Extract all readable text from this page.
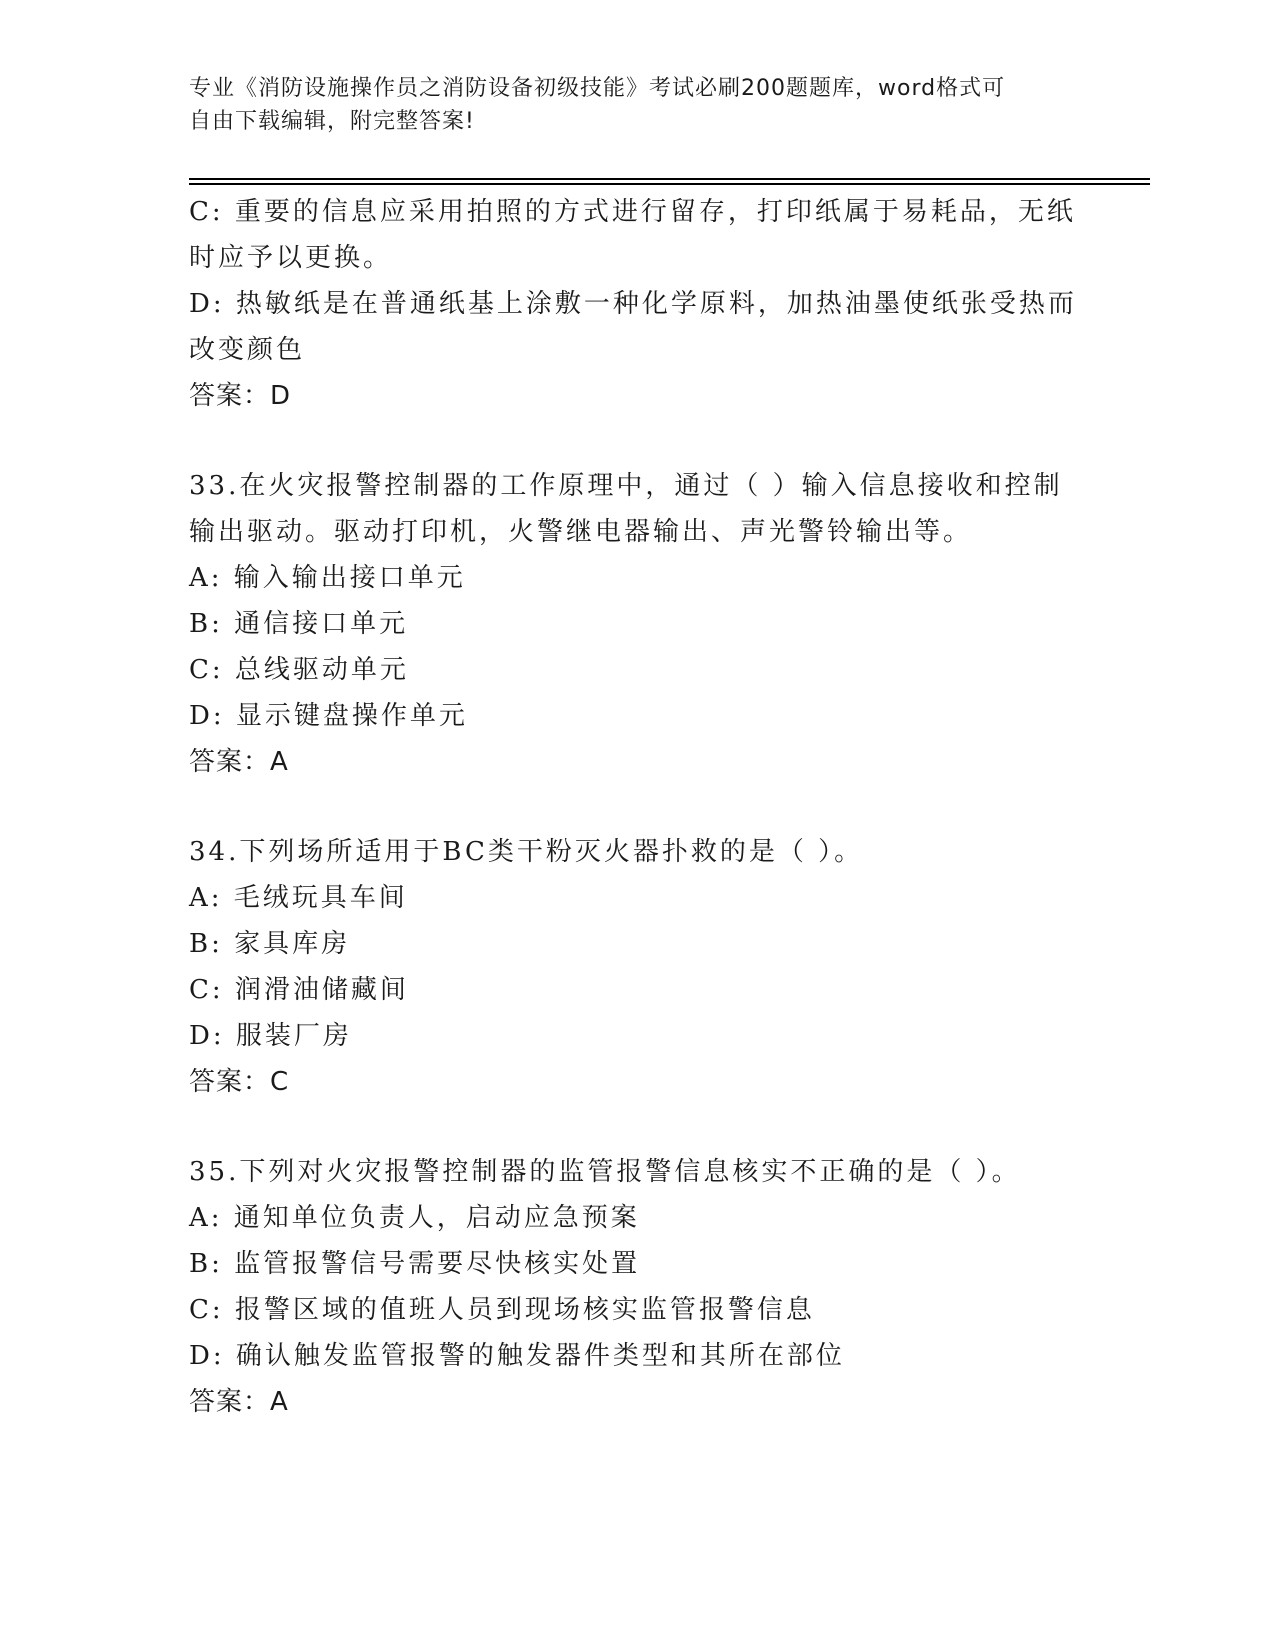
专业《消防设施操作员之消防设备初级技能》考试必刷200题题库，word格式可
自由下载编辑，附完整答案!
C: 重要的信息应采用拍照的方式进行留存，打印纸属于易耗品，无纸
时应予以更换。
D: 热敏纸是在普通纸基上涂敷一种化学原料，加热油墨使纸张受热而
改变颜色
答案：D
33.在火灾报警控制器的工作原理中，通过（ ）输入信息接收和控制
输出驱动。驱动打印机，火警继电器输出、声光警铃输出等。
A: 输入输出接口单元
B: 通信接口单元
C: 总线驱动单元
D: 显示键盘操作单元
答案：A
34.下列场所适用于BC类干粉灭火器扑救的是（ ）。
A: 毛绒玩具车间
B: 家具库房
C: 润滑油储藏间
D: 服装厂房
答案：C
35.下列对火灾报警控制器的监管报警信息核实不正确的是（ ）。
A: 通知单位负责人，启动应急预案
B: 监管报警信号需要尽快核实处置
C: 报警区域的值班人员到现场核实监管报警信息
D: 确认触发监管报警的触发器件类型和其所在部位
答案：A
